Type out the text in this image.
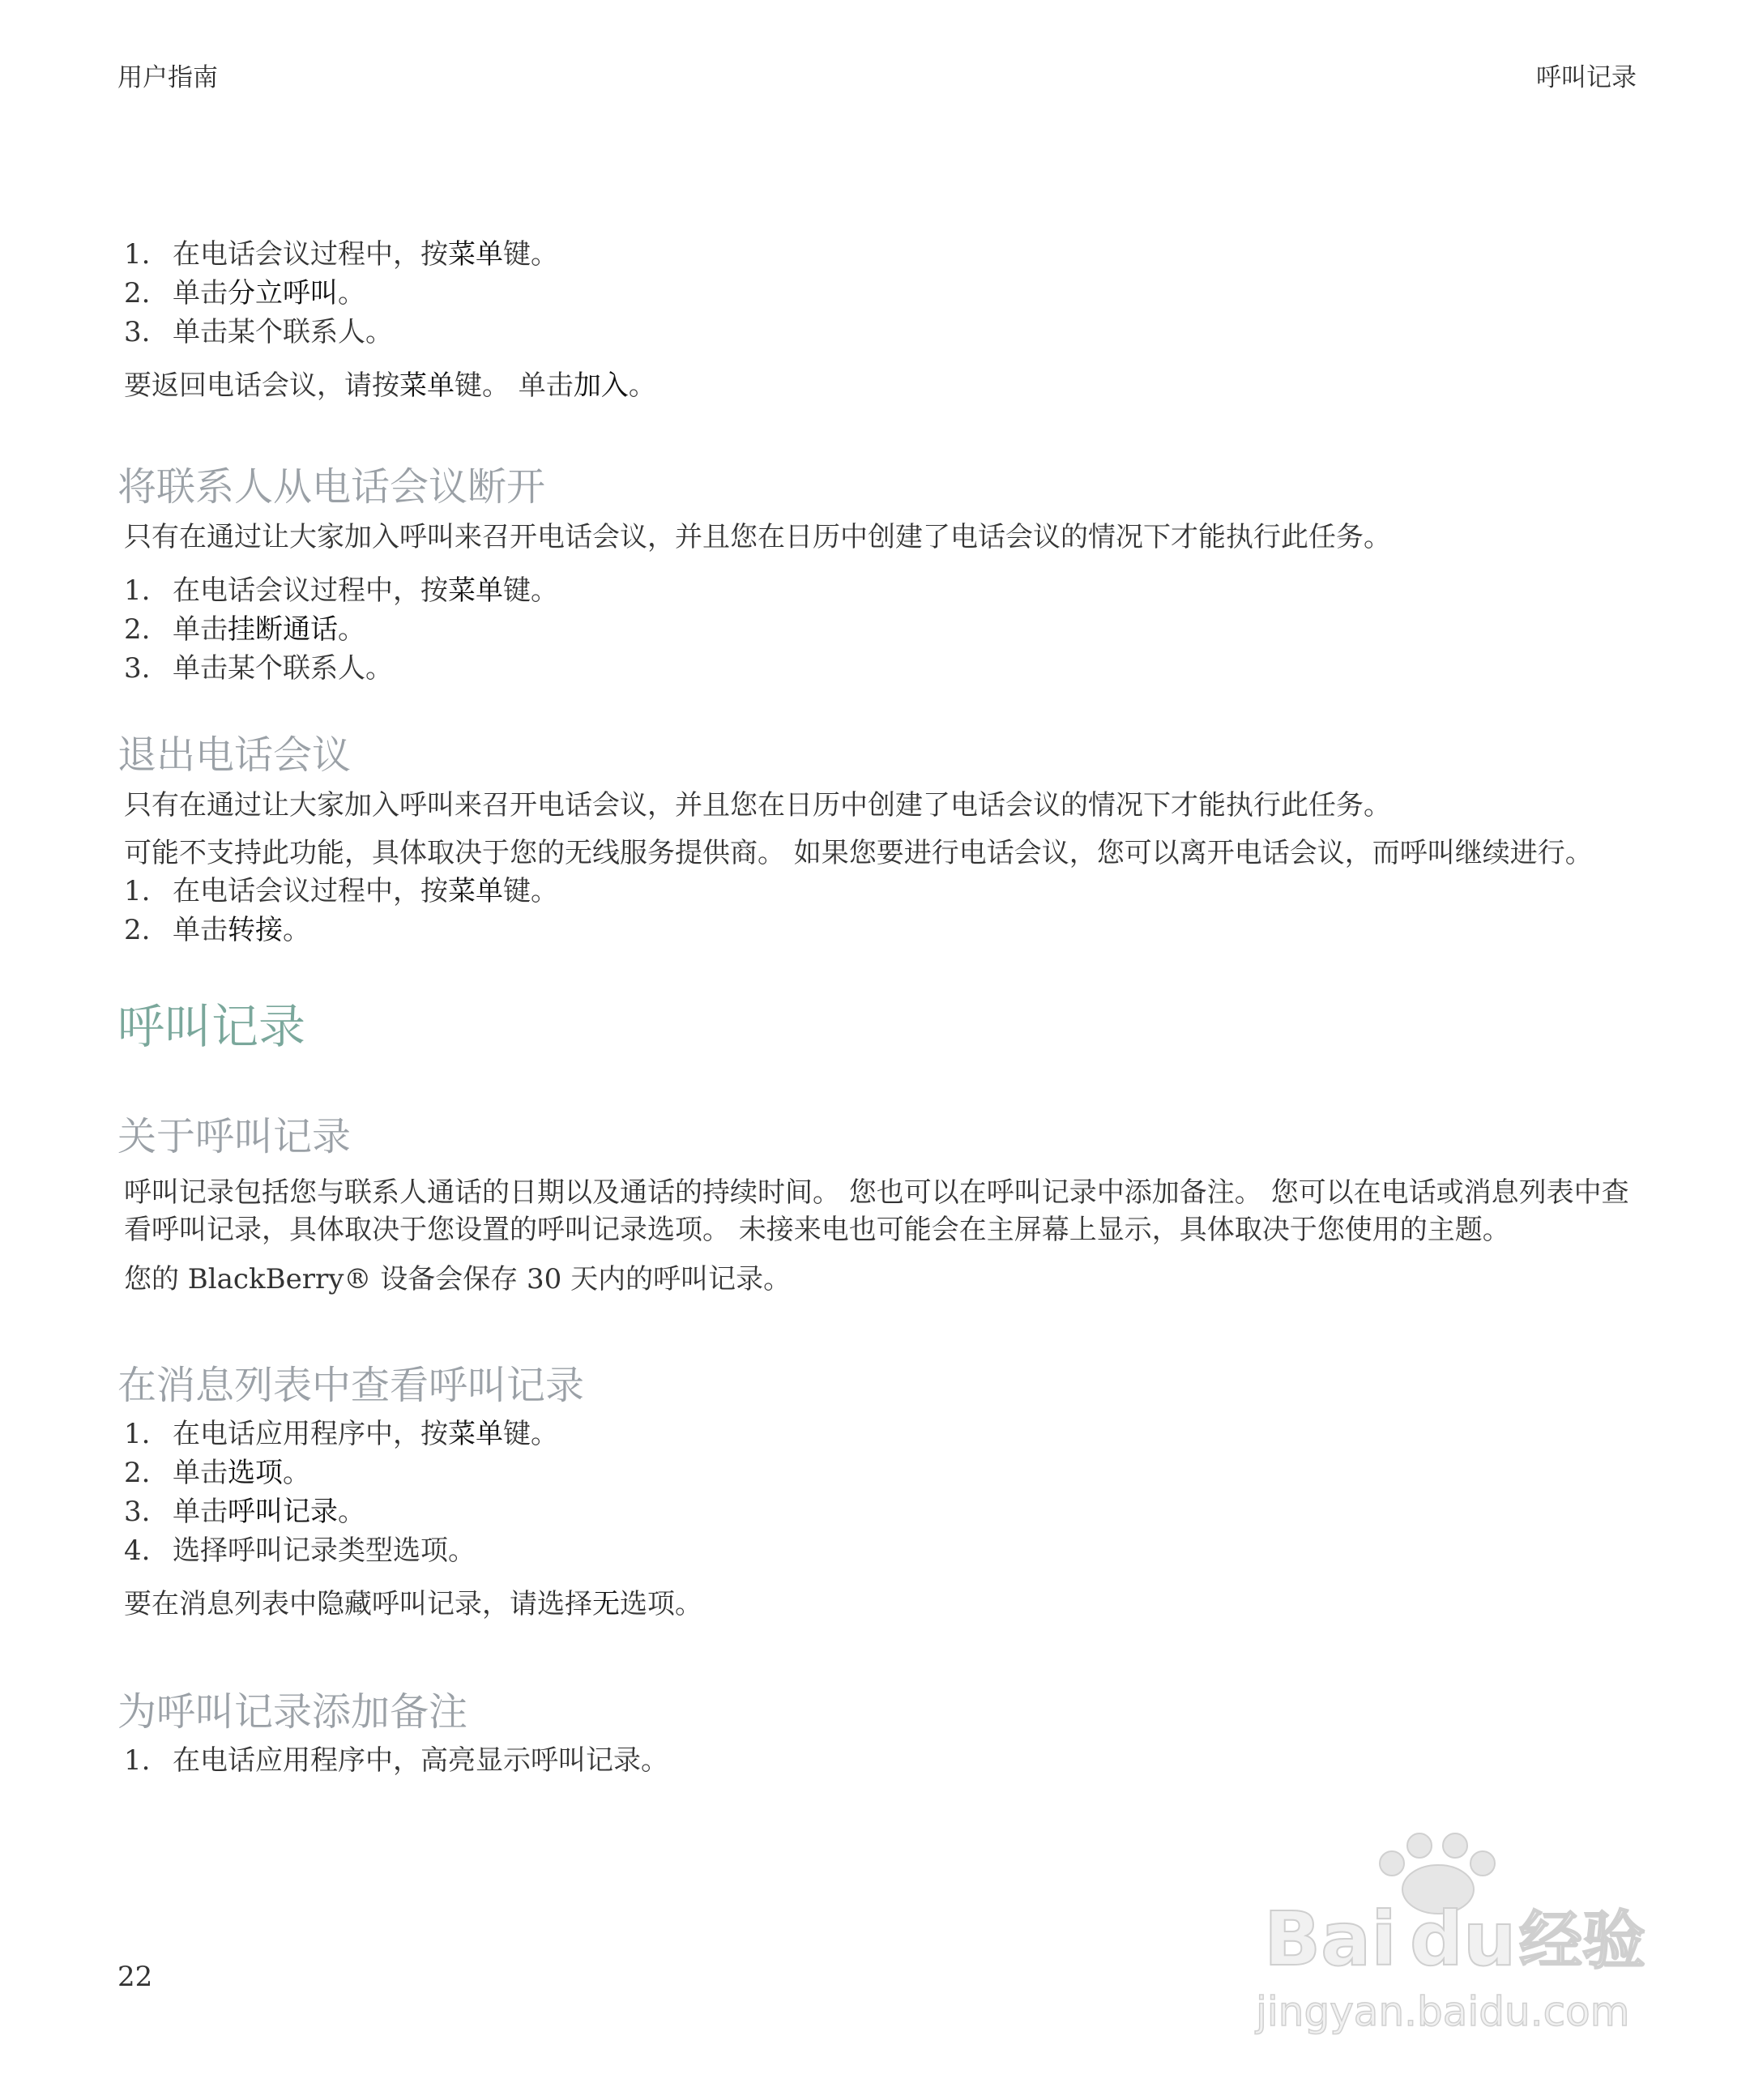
用户指南	呼叫记录
1. 在电话会议过程中，按菜单键。
2. 单击分立呼叫。
3. 单击某个联系人。
要返回电话会议，请按菜单键。 单击加入。
将联系人从电话会议断开
只有在通过让大家加入呼叫来召开电话会议，并且您在日历中创建了电话会议的情况下才能执行此任务。
1. 在电话会议过程中，按菜单键。
2. 单击挂断通话。
3. 单击某个联系人。
退出电话会议
只有在通过让大家加入呼叫来召开电话会议，并且您在日历中创建了电话会议的情况下才能执行此任务。
可能不支持此功能，具体取决于您的无线服务提供商。 如果您要进行电话会议，您可以离开电话会议，而呼叫继续进行。
1. 在电话会议过程中，按菜单键。
2. 单击转接。
呼叫记录
关于呼叫记录
呼叫记录包括您与联系人通话的日期以及通话的持续时间。 您也可以在呼叫记录中添加备注。 您可以在电话或消息列表中查看呼叫记录，具体取决于您设置的呼叫记录选项。 未接来电也可能会在主屏幕上显示，具体取决于您使用的主题。
您的 BlackBerry® 设备会保存 30 天内的呼叫记录。
在消息列表中查看呼叫记录
1. 在电话应用程序中，按菜单键。
2. 单击选项。
3. 单击呼叫记录。
4. 选择呼叫记录类型选项。
要在消息列表中隐藏呼叫记录，请选择无选项。
为呼叫记录添加备注
1. 在电话应用程序中，高亮显示呼叫记录。
22	Bai du 经验
jingyan.baidu.com
